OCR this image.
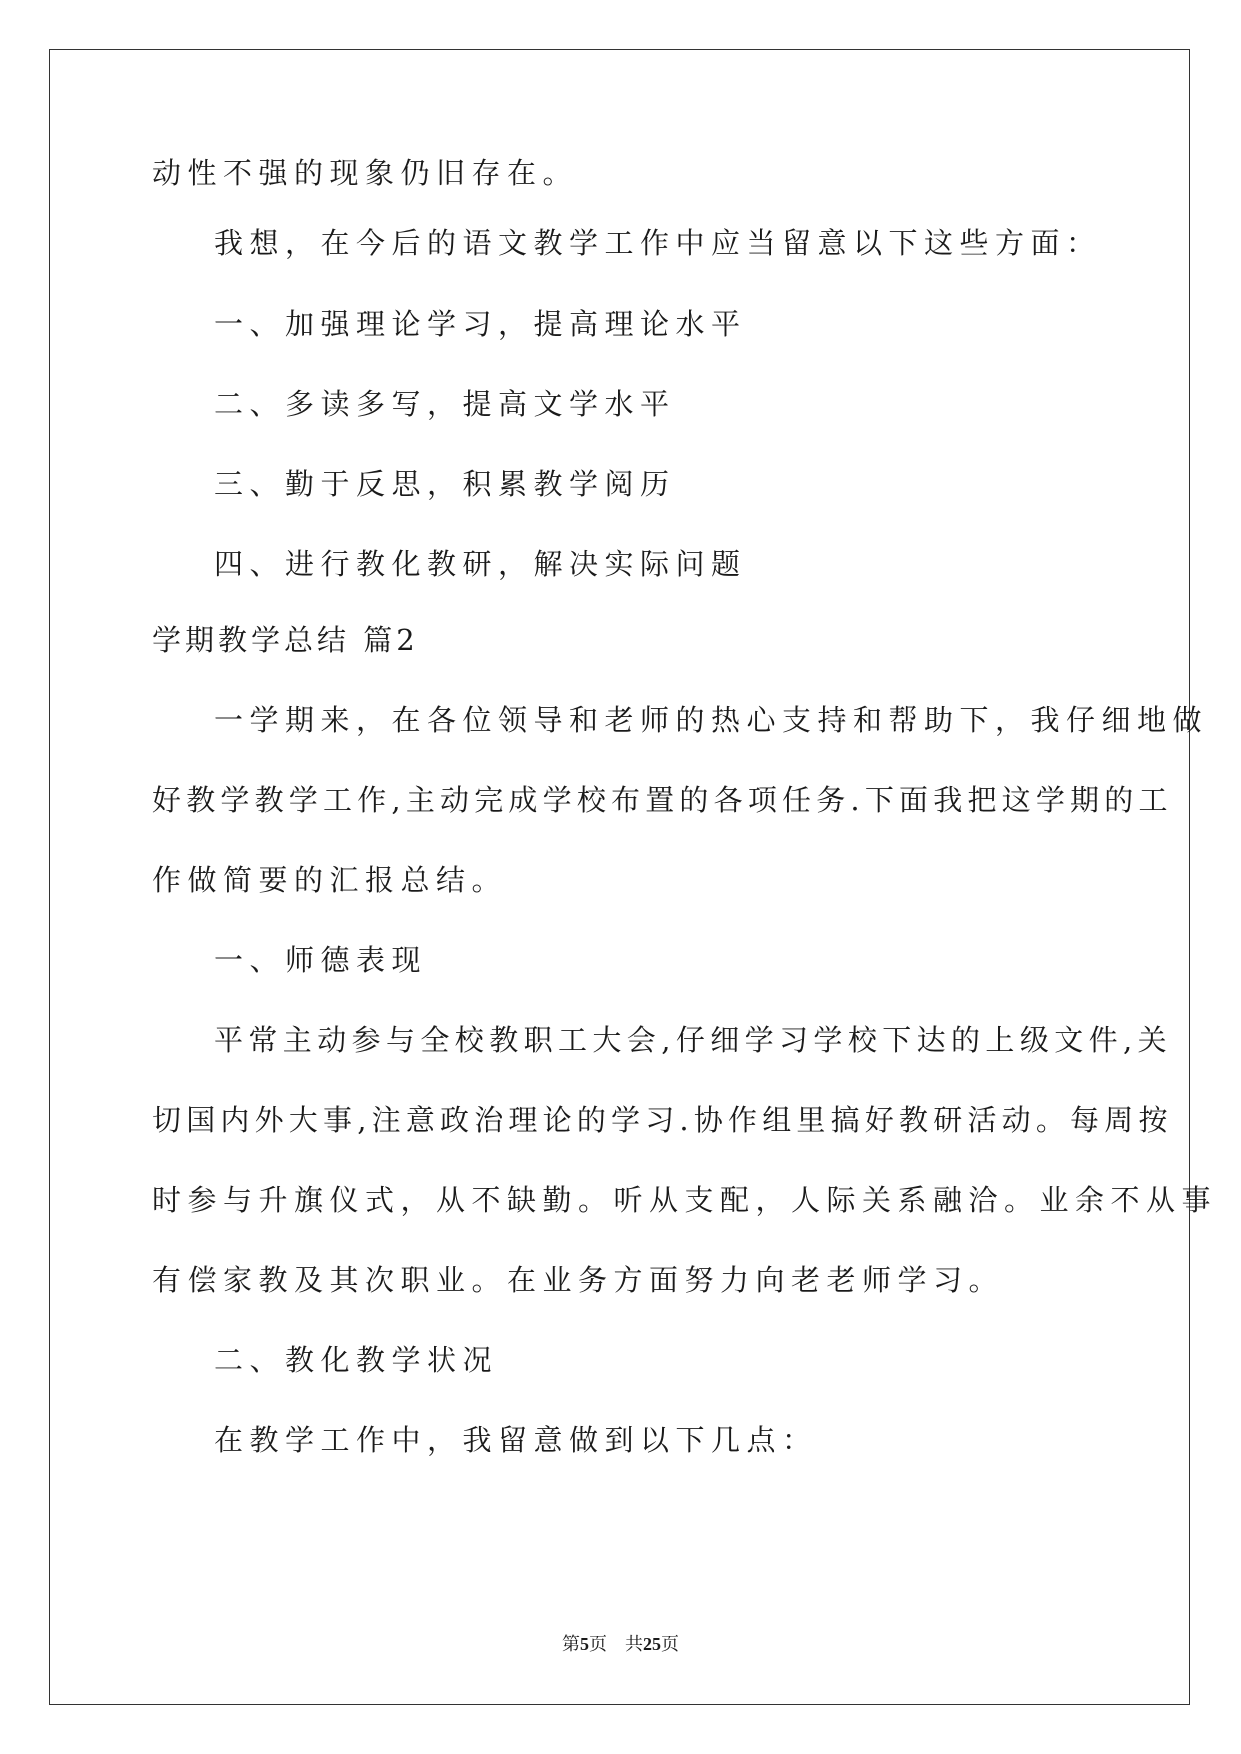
动性不强的现象仍旧存在。
我想，在今后的语文教学工作中应当留意以下这些方面：
一、加强理论学习，提高理论水平
二、多读多写，提高文学水平
三、勤于反思，积累教学阅历
四、进行教化教研，解决实际问题
学期教学总结 篇2
一学期来，在各位领导和老师的热心支持和帮助下，我仔细地做
好教学教学工作,主动完成学校布置的各项任务.下面我把这学期的工
作做简要的汇报总结。
一、师德表现
平常主动参与全校教职工大会,仔细学习学校下达的上级文件,关
切国内外大事,注意政治理论的学习.协作组里搞好教研活动。每周按
时参与升旗仪式，从不缺勤。听从支配，人际关系融洽。业余不从事
有偿家教及其次职业。在业务方面努力向老老师学习。
二、教化教学状况
在教学工作中，我留意做到以下几点：
第5页　共25页
